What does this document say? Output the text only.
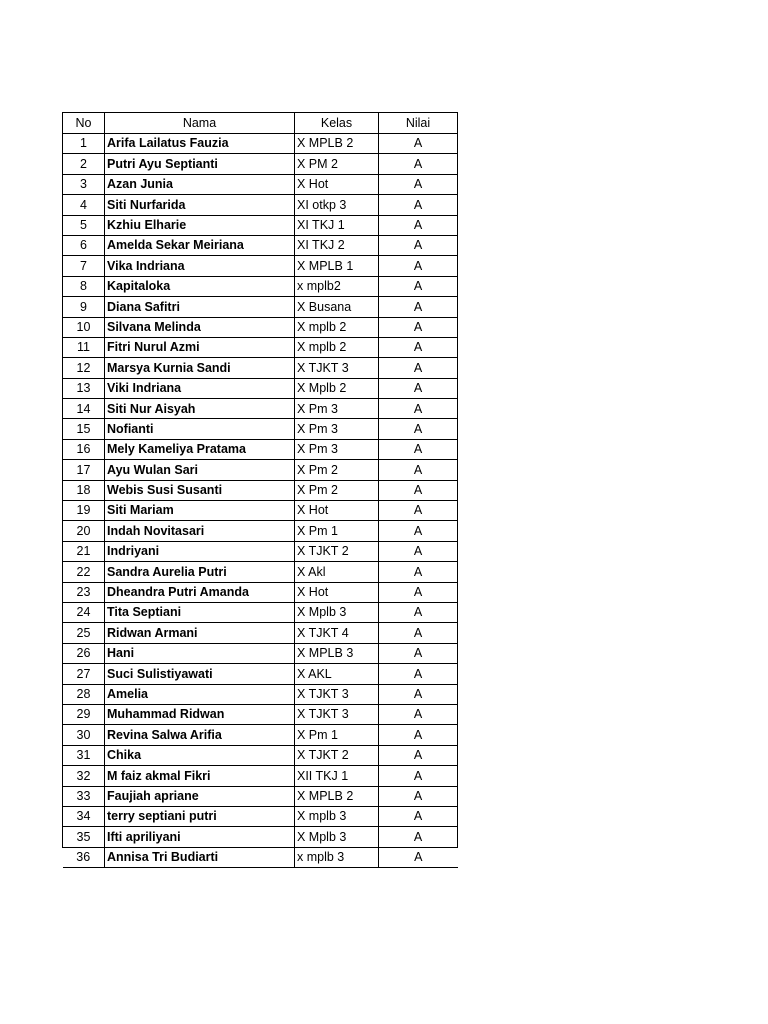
No	Nama	Kelas	Nilai
1	Arifa Lailatus Fauzia	X MPLB 2	A
2	Putri Ayu Septianti	X PM 2	A
3	Azan Junia	X Hot	A
4	Siti Nurfarida	XI otkp 3	A
5	Kzhiu Elharie	XI TKJ 1	A
6	Amelda Sekar Meiriana	XI TKJ 2	A
7	Vika Indriana	X MPLB 1	A
8	Kapitaloka	x mplb2	A
9	Diana Safitri	X Busana	A
10	Silvana Melinda	X mplb 2	A
11	Fitri Nurul Azmi	X mplb 2	A
12	Marsya Kurnia Sandi	X TJKT 3	A
13	Viki Indriana	X Mplb 2	A
14	Siti Nur Aisyah	X Pm 3	A
15	Nofianti	X Pm 3	A
16	Mely Kameliya Pratama	X Pm 3	A
17	Ayu Wulan Sari	X Pm 2	A
18	Webis Susi Susanti	X Pm 2	A
19	Siti Mariam	X Hot	A
20	Indah Novitasari	X Pm 1	A
21	Indriyani	X TJKT 2	A
22	Sandra Aurelia Putri	X Akl	A
23	Dheandra Putri Amanda	X Hot	A
24	Tita Septiani	X Mplb 3	A
25	Ridwan Armani	X TJKT 4	A
26	Hani	X MPLB 3	A
27	Suci Sulistiyawati	X AKL	A
28	Amelia	X TJKT 3	A
29	Muhammad Ridwan	X TJKT 3	A
30	Revina Salwa Arifia	X Pm 1	A
31	Chika	X TJKT 2	A
32	M faiz akmal Fikri	XII TKJ 1	A
33	Faujiah apriane	X MPLB 2	A
34	terry septiani putri	X mplb 3	A
35	Ifti apriliyani	X Mplb 3	A
36	Annisa Tri Budiarti	x mplb 3	A
